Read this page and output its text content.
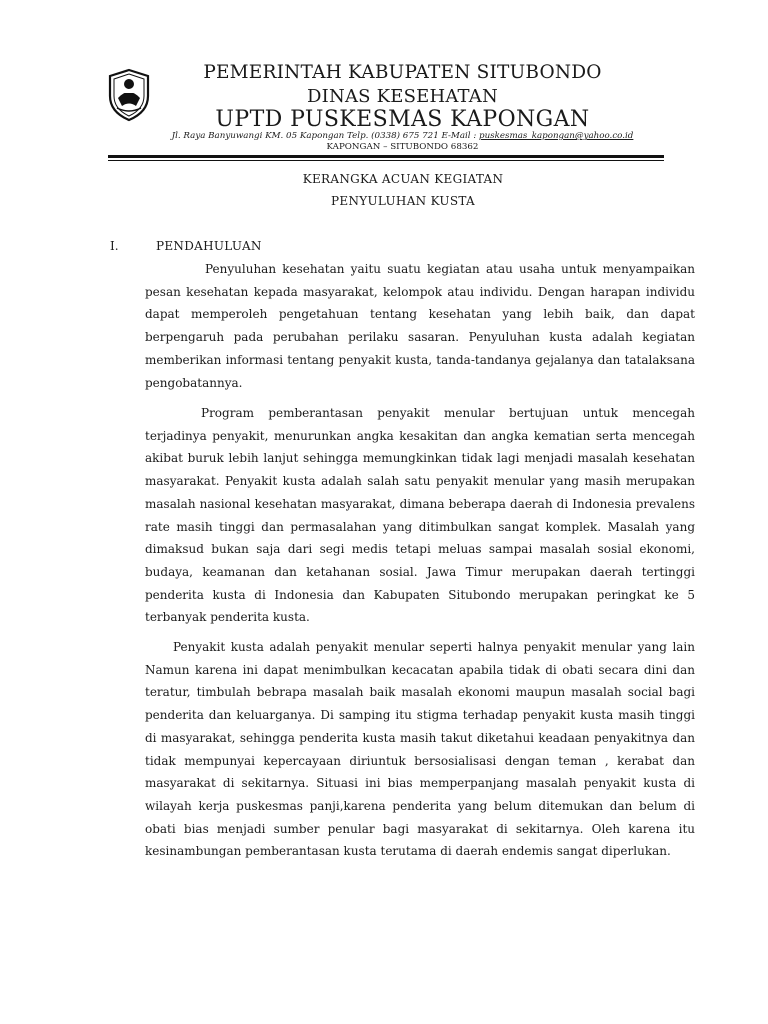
PEMERINTAH KABUPATEN SITUBONDO
DINAS KESEHATAN
UPTD PUSKESMAS KAPONGAN
Jl. Raya Banyuwangi KM. 05 Kapongan Telp. (0338) 675 721 E-Mail : puskesmas_kapongan@yahoo.co.id
KAPONGAN – SITUBONDO 68362
KERANGKA ACUAN KEGIATAN
PENYULUHAN KUSTA
I.	PENDAHULUAN

Penyuluhan kesehatan yaitu suatu kegiatan atau usaha untuk menyampaikan pesan kesehatan kepada masyarakat, kelompok atau individu. Dengan harapan individu dapat memperoleh pengetahuan tentang kesehatan yang lebih baik, dan dapat berpengaruh pada perubahan perilaku sasaran. Penyuluhan kusta adalah kegiatan memberikan informasi tentang penyakit kusta, tanda-tandanya gejalanya dan tatalaksana pengobatannya.

Program pemberantasan penyakit menular bertujuan untuk mencegah terjadinya penyakit, menurunkan angka kesakitan dan angka kematian serta mencegah akibat buruk lebih lanjut sehingga memungkinkan tidak lagi menjadi masalah kesehatan masyarakat. Penyakit kusta adalah salah satu penyakit menular yang masih merupakan masalah nasional kesehatan masyarakat, dimana beberapa daerah di Indonesia prevalens rate masih tinggi dan permasalahan yang ditimbulkan sangat komplek. Masalah yang dimaksud bukan saja dari segi medis tetapi meluas sampai masalah sosial ekonomi, budaya, keamanan dan ketahanan sosial. Jawa Timur merupakan daerah tertinggi penderita kusta di Indonesia dan Kabupaten Situbondo merupakan peringkat ke 5 terbanyak penderita kusta.

Penyakit kusta adalah penyakit menular seperti halnya penyakit menular yang lain Namun karena ini dapat menimbulkan kecacatan apabila tidak di obati secara dini dan teratur, timbulah bebrapa masalah baik masalah ekonomi maupun masalah social bagi penderita dan keluarganya. Di samping itu stigma terhadap penyakit kusta masih tinggi di masyarakat, sehingga penderita kusta masih takut diketahui keadaan penyakitnya dan tidak mempunyai kepercayaan diriuntuk bersosialisasi dengan teman , kerabat dan masyarakat di sekitarnya. Situasi ini bias memperpanjang masalah penyakit kusta di wilayah kerja puskesmas panji,karena penderita yang belum ditemukan dan belum di obati bias menjadi sumber penular bagi masyarakat di sekitarnya. Oleh karena itu kesinambungan pemberantasan kusta terutama di daerah endemis sangat diperlukan.
